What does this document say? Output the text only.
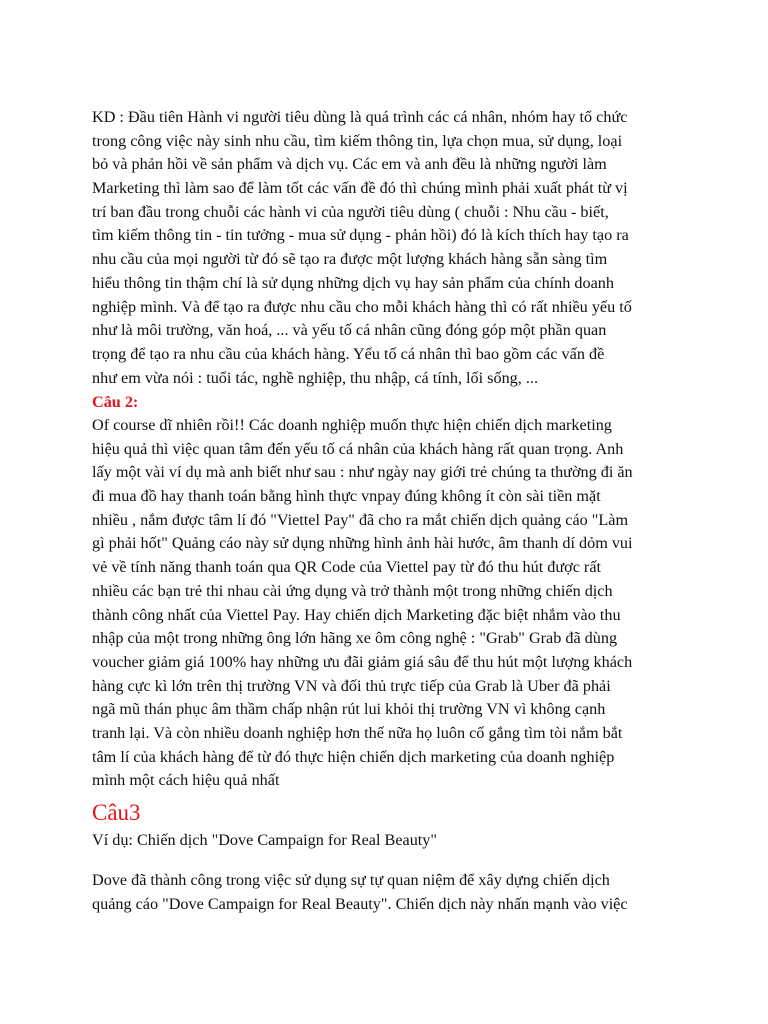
KD : Đầu tiên Hành vi người tiêu dùng là quá trình các cá nhân, nhóm hay tổ chức
trong công việc này sinh nhu cầu, tìm kiếm thông tin, lựa chọn mua, sử dụng, loại
bỏ và phản hồi về sản phẩm và dịch vụ. Các em và anh đều là những người làm
Marketing thì làm sao để làm tốt các vấn đề đó thì chúng mình phải xuất phát từ vị
trí ban đầu trong chuỗi các hành vi của người tiêu dùng ( chuỗi : Nhu cầu - biết,
tìm kiếm thông tin - tin tưởng - mua sử dụng - phản hồi) đó là kích thích hay tạo ra
nhu cầu của mọi người từ đó sẽ tạo ra được một lượng khách hàng sẵn sàng tìm
hiểu thông tin thậm chí là sử dụng những dịch vụ hay sản phẩm của chính doanh
nghiệp mình. Và để tạo ra được nhu cầu cho mỗi khách hàng thì có rất nhiều yếu tố
như là môi trường, văn hoá, ... và yếu tố cá nhân cũng đóng góp một phần quan
trọng để tạo ra nhu cầu của khách hàng. Yếu tố cá nhân thì bao gồm các vấn đề
như em vừa nói : tuổi tác, nghề nghiệp, thu nhập, cá tính, lối sống, ...
Câu 2:
Of course dĩ nhiên rồi!! Các doanh nghiệp muốn thực hiện chiến dịch marketing
hiệu quả thì việc quan tâm đến yếu tố cá nhân của khách hàng rất quan trọng. Anh
lấy một vài ví dụ mà anh biết như sau : như ngày nay giới trẻ chúng ta thường đi ăn
đi mua đồ hay thanh toán bằng hình thực vnpay đúng không ít còn sài tiền mặt
nhiều , nắm được tâm lí đó "Viettel Pay" đã cho ra mắt chiến dịch quảng cáo "Làm
gì phải hốt" Quảng cáo này sử dụng những hình ảnh hài hước, âm thanh dí dỏm vui
vẻ về tính năng thanh toán qua QR Code của Viettel pay từ đó thu hút được rất
nhiều các bạn trẻ thi nhau cài ứng dụng và trở thành một trong những chiến dịch
thành công nhất của Viettel Pay. Hay chiến dịch Marketing đặc biệt nhắm vào thu
nhập của một trong những ông lớn hãng xe ôm công nghệ : "Grab" Grab đã dùng
voucher giảm giá 100% hay những ưu đãi giảm giá sâu để thu hút một lượng khách
hàng cực kì lớn trên thị trường VN và đối thủ trực tiếp của Grab là Uber đã phải
ngã mũ thán phục âm thầm chấp nhận rút lui khỏi thị trường VN vì không cạnh
tranh lại. Và còn nhiều doanh nghiệp hơn thế nữa họ luôn cố gắng tìm tòi nắm bắt
tâm lí của khách hàng để từ đó thực hiện chiến dịch marketing của doanh nghiệp
mình một cách hiệu quả nhất
Câu3
Ví dụ: Chiến dịch "Dove Campaign for Real Beauty"
Dove đã thành công trong việc sử dụng sự tự quan niệm để xây dựng chiến dịch
quảng cáo "Dove Campaign for Real Beauty". Chiến dịch này nhấn mạnh vào việc
